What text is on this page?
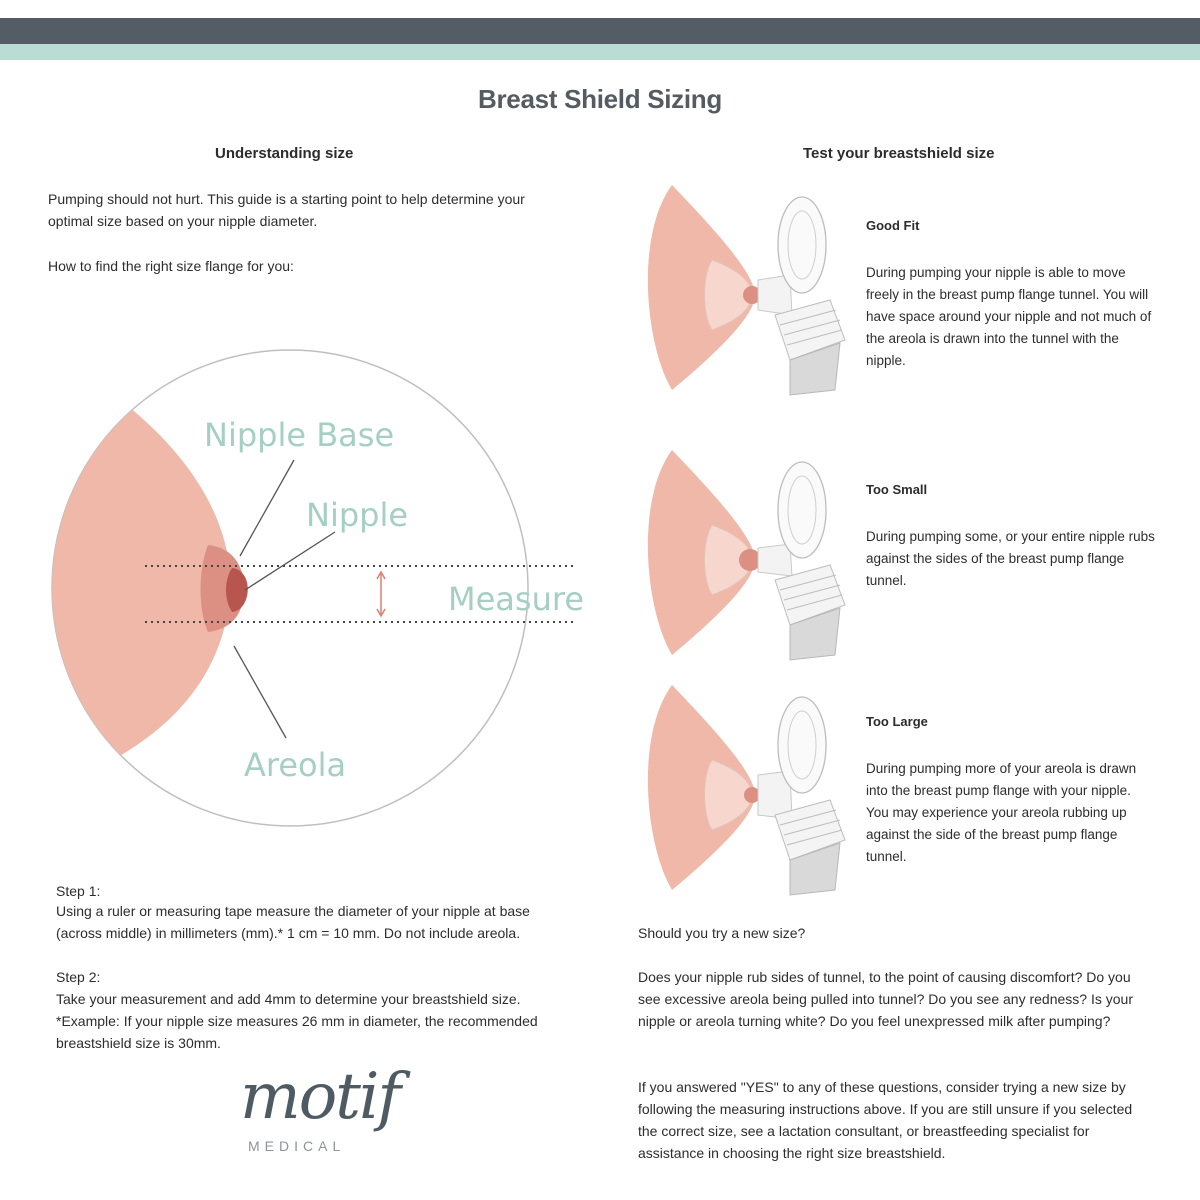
Breast Shield Sizing
Understanding size
Pumping should not hurt. This guide is a starting point to help determine your optimal size based on your nipple diameter.
How to find the right size flange for you:
Nipple Base
Nipple
Measure
Areola
Step 1:
Using a ruler or measuring tape measure the diameter of your nipple at base (across middle) in millimeters (mm).* 1 cm = 10 mm. Do not include areola.
Step 2:
Take your measurement and add 4mm to determine your breastshield size. *Example: If your nipple size measures 26 mm in diameter, the recommended breastshield size is 30mm.
motif
MEDICAL
Test your breastshield size
Good Fit
During pumping your nipple is able to move freely in the breast pump flange tunnel. You will have space around your nipple and not much of the areola is drawn into the tunnel with the nipple.
Too Small
During pumping some, or your entire nipple rubs against the sides of the breast pump flange tunnel.
Too Large
During pumping more of your areola is drawn into the breast pump flange with your nipple. You may experience your areola rubbing up against the side of the breast pump flange tunnel.
Should you try a new size?
Does your nipple rub sides of tunnel, to the point of causing discomfort? Do you see excessive areola being pulled into tunnel? Do you see any redness? Is your nipple or areola turning white? Do you feel unexpressed milk after pumping?
If you answered "YES" to any of these questions, consider trying a new size by following the measuring instructions above. If you are still unsure if you selected the correct size, see a lactation consultant, or breastfeeding specialist for assistance in choosing the right size breastshield.
